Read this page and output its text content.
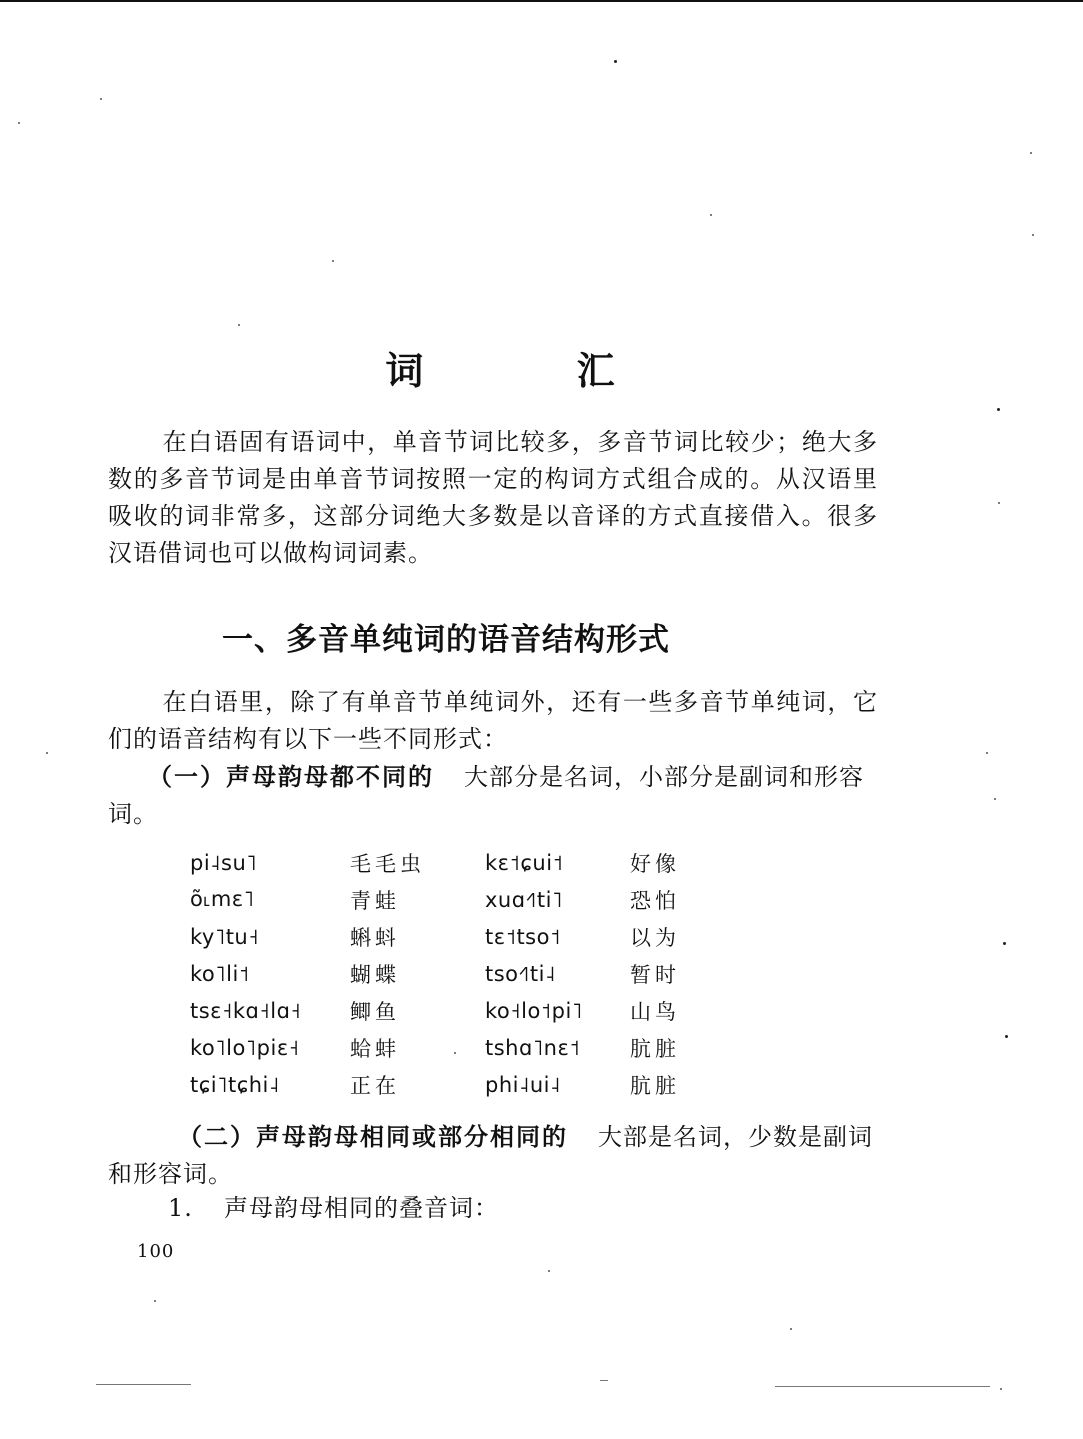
词 汇

在白语固有语词中，单音节词比较多，多音节词比较少；绝大多数的多音节词是由单音节词按照一定的构词方式组合成的。从汉语里吸收的词非常多，这部分词绝大多数是以音译的方式直接借入。很多汉语借词也可以做构词词素。

一、多音单纯词的语音结构形式

在白语里，除了有单音节单纯词外，还有一些多音节单纯词，它们的语音结构有以下一些不同形式：

（一）声母韵母都不同的 大部分是名词，小部分是副词和形容词。

pi˨su˥	毛毛虫	kɛ˦ɕui˦	好像
õ˪mɛ˥	青蛙	xuɑ˧˥ti˥	恐怕
ky˥tu˧	蝌蚪	tɛ˦tso˦	以为
ko˥li˦	蝴蝶	tso˧˥ti˨	暂时
tsɛ˧kɑ˧lɑ˧	鲫鱼	ko˧lo˦pi˥	山鸟
ko˥lo˥piɛ˧	蛤蚌	tshɑ˥nɛ˦	肮脏
tɕi˥tɕhi˨	正在	phi˨ui˨	肮脏

（二）声母韵母相同或部分相同的 大部是名词，少数是副词和形容词。

1. 声母韵母相同的叠音词：

100
